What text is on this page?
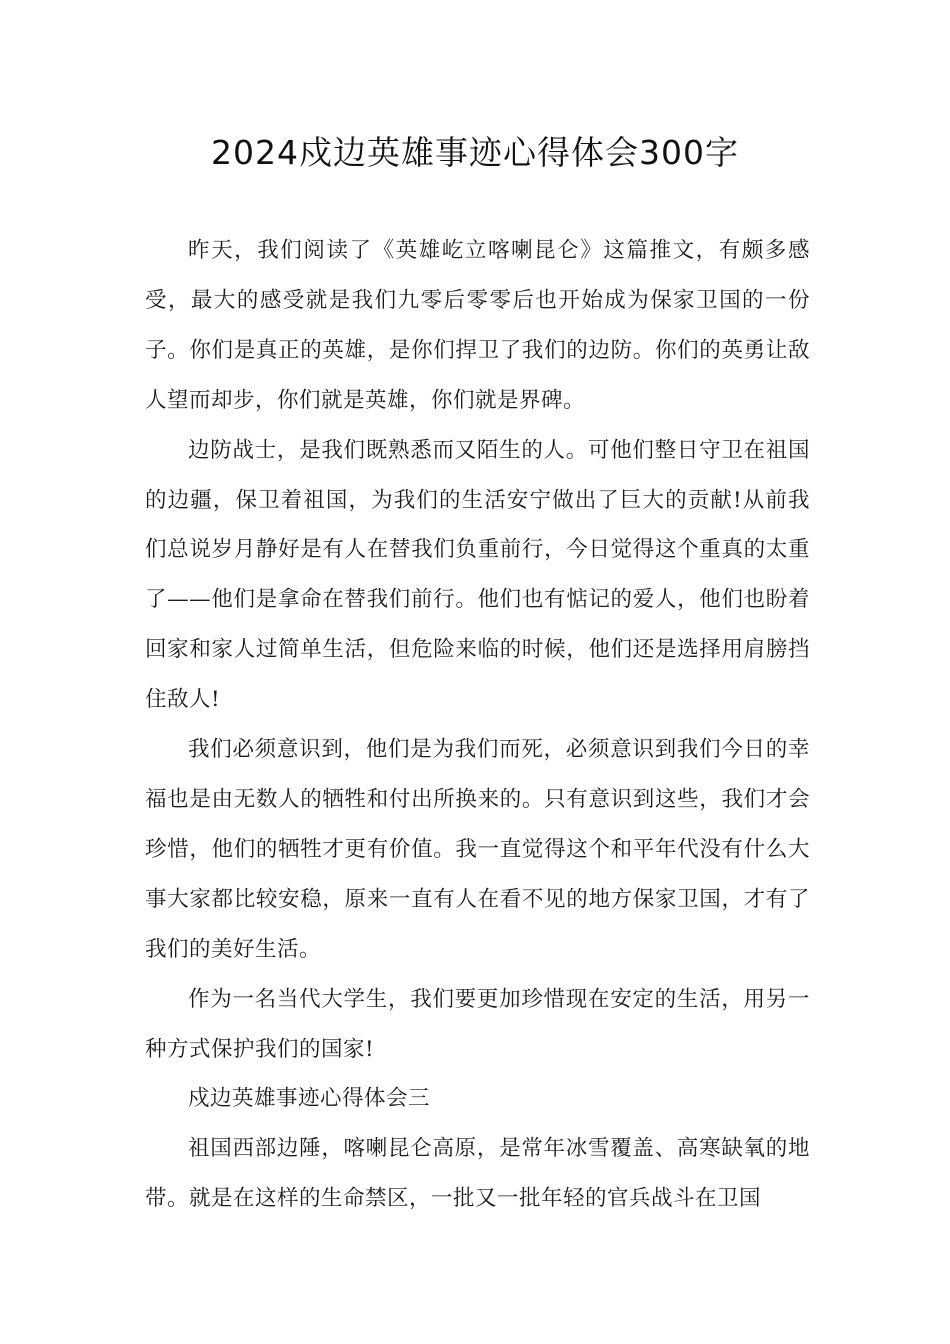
2024戍边英雄事迹心得体会300字

昨天，我们阅读了《英雄屹立喀喇昆仑》这篇推文，有颇多感受，最大的感受就是我们九零后零零后也开始成为保家卫国的一份子。你们是真正的英雄，是你们捍卫了我们的边防。你们的英勇让敌人望而却步，你们就是英雄，你们就是界碑。

边防战士，是我们既熟悉而又陌生的人。可他们整日守卫在祖国的边疆，保卫着祖国，为我们的生活安宁做出了巨大的贡献!从前我们总说岁月静好是有人在替我们负重前行，今日觉得这个重真的太重了——他们是拿命在替我们前行。他们也有惦记的爱人，他们也盼着回家和家人过简单生活，但危险来临的时候，他们还是选择用肩膀挡住敌人!

我们必须意识到，他们是为我们而死，必须意识到我们今日的幸福也是由无数人的牺牲和付出所换来的。只有意识到这些，我们才会珍惜，他们的牺牲才更有价值。我一直觉得这个和平年代没有什么大事大家都比较安稳，原来一直有人在看不见的地方保家卫国，才有了我们的美好生活。

作为一名当代大学生，我们要更加珍惜现在安定的生活，用另一种方式保护我们的国家!

戍边英雄事迹心得体会三

祖国西部边陲，喀喇昆仑高原，是常年冰雪覆盖、高寒缺氧的地带。就是在这样的生命禁区，一批又一批年轻的官兵战斗在卫国
